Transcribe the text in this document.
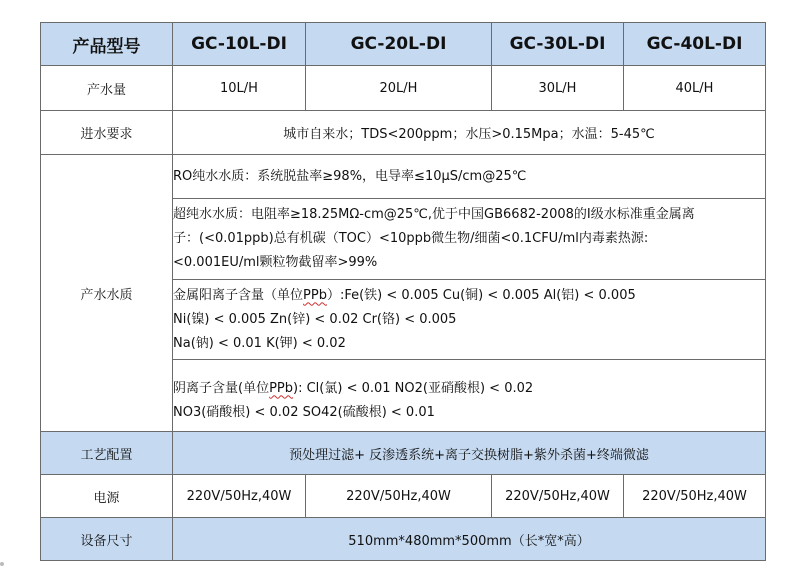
产品型号	GC-10L-DI	GC-20L-DI	GC-30L-DI	GC-40L-DI
产水量	10L/H	20L/H	30L/H	40L/H
进水要求	城市自来水；TDS<200ppm；水压>0.15Mpa；水温：5-45℃			
产水水质	RO纯水水质：系统脱盐率≥98%，电导率≤10μS/cm@25℃			

	超纯水水质：电阻率≥18.25MΩ-cm@25℃,优于中国GB6682-2008的Ⅰ级水标准重金属离
子：(<0.01ppb)总有机碳（TOC）<10ppb微生物/细菌<0.1CFU/ml内毒素热源:
<0.001EU/ml颗粒物截留率>99%			

	金属阳离子含量（单位PPb）:Fe(铁) < 0.005 Cu(铜) < 0.005 Al(铝) < 0.005
Ni(镍) < 0.005 Zn(锌) < 0.02 Cr(铬) < 0.005
Na(钠) < 0.01 K(钾) < 0.02			

	阴离子含量(单位PPb): Cl(氯) < 0.01 NO2(亚硝酸根) < 0.02
NO3(硝酸根) < 0.02 SO42(硫酸根) < 0.01			

工艺配置	预处理过滤+ 反渗透系统+离子交换树脂+紫外杀菌+终端微滤			
电源	220V/50Hz,40W	220V/50Hz,40W	220V/50Hz,40W	220V/50Hz,40W
设备尺寸	510mm*480mm*500mm（长*宽*高）			
